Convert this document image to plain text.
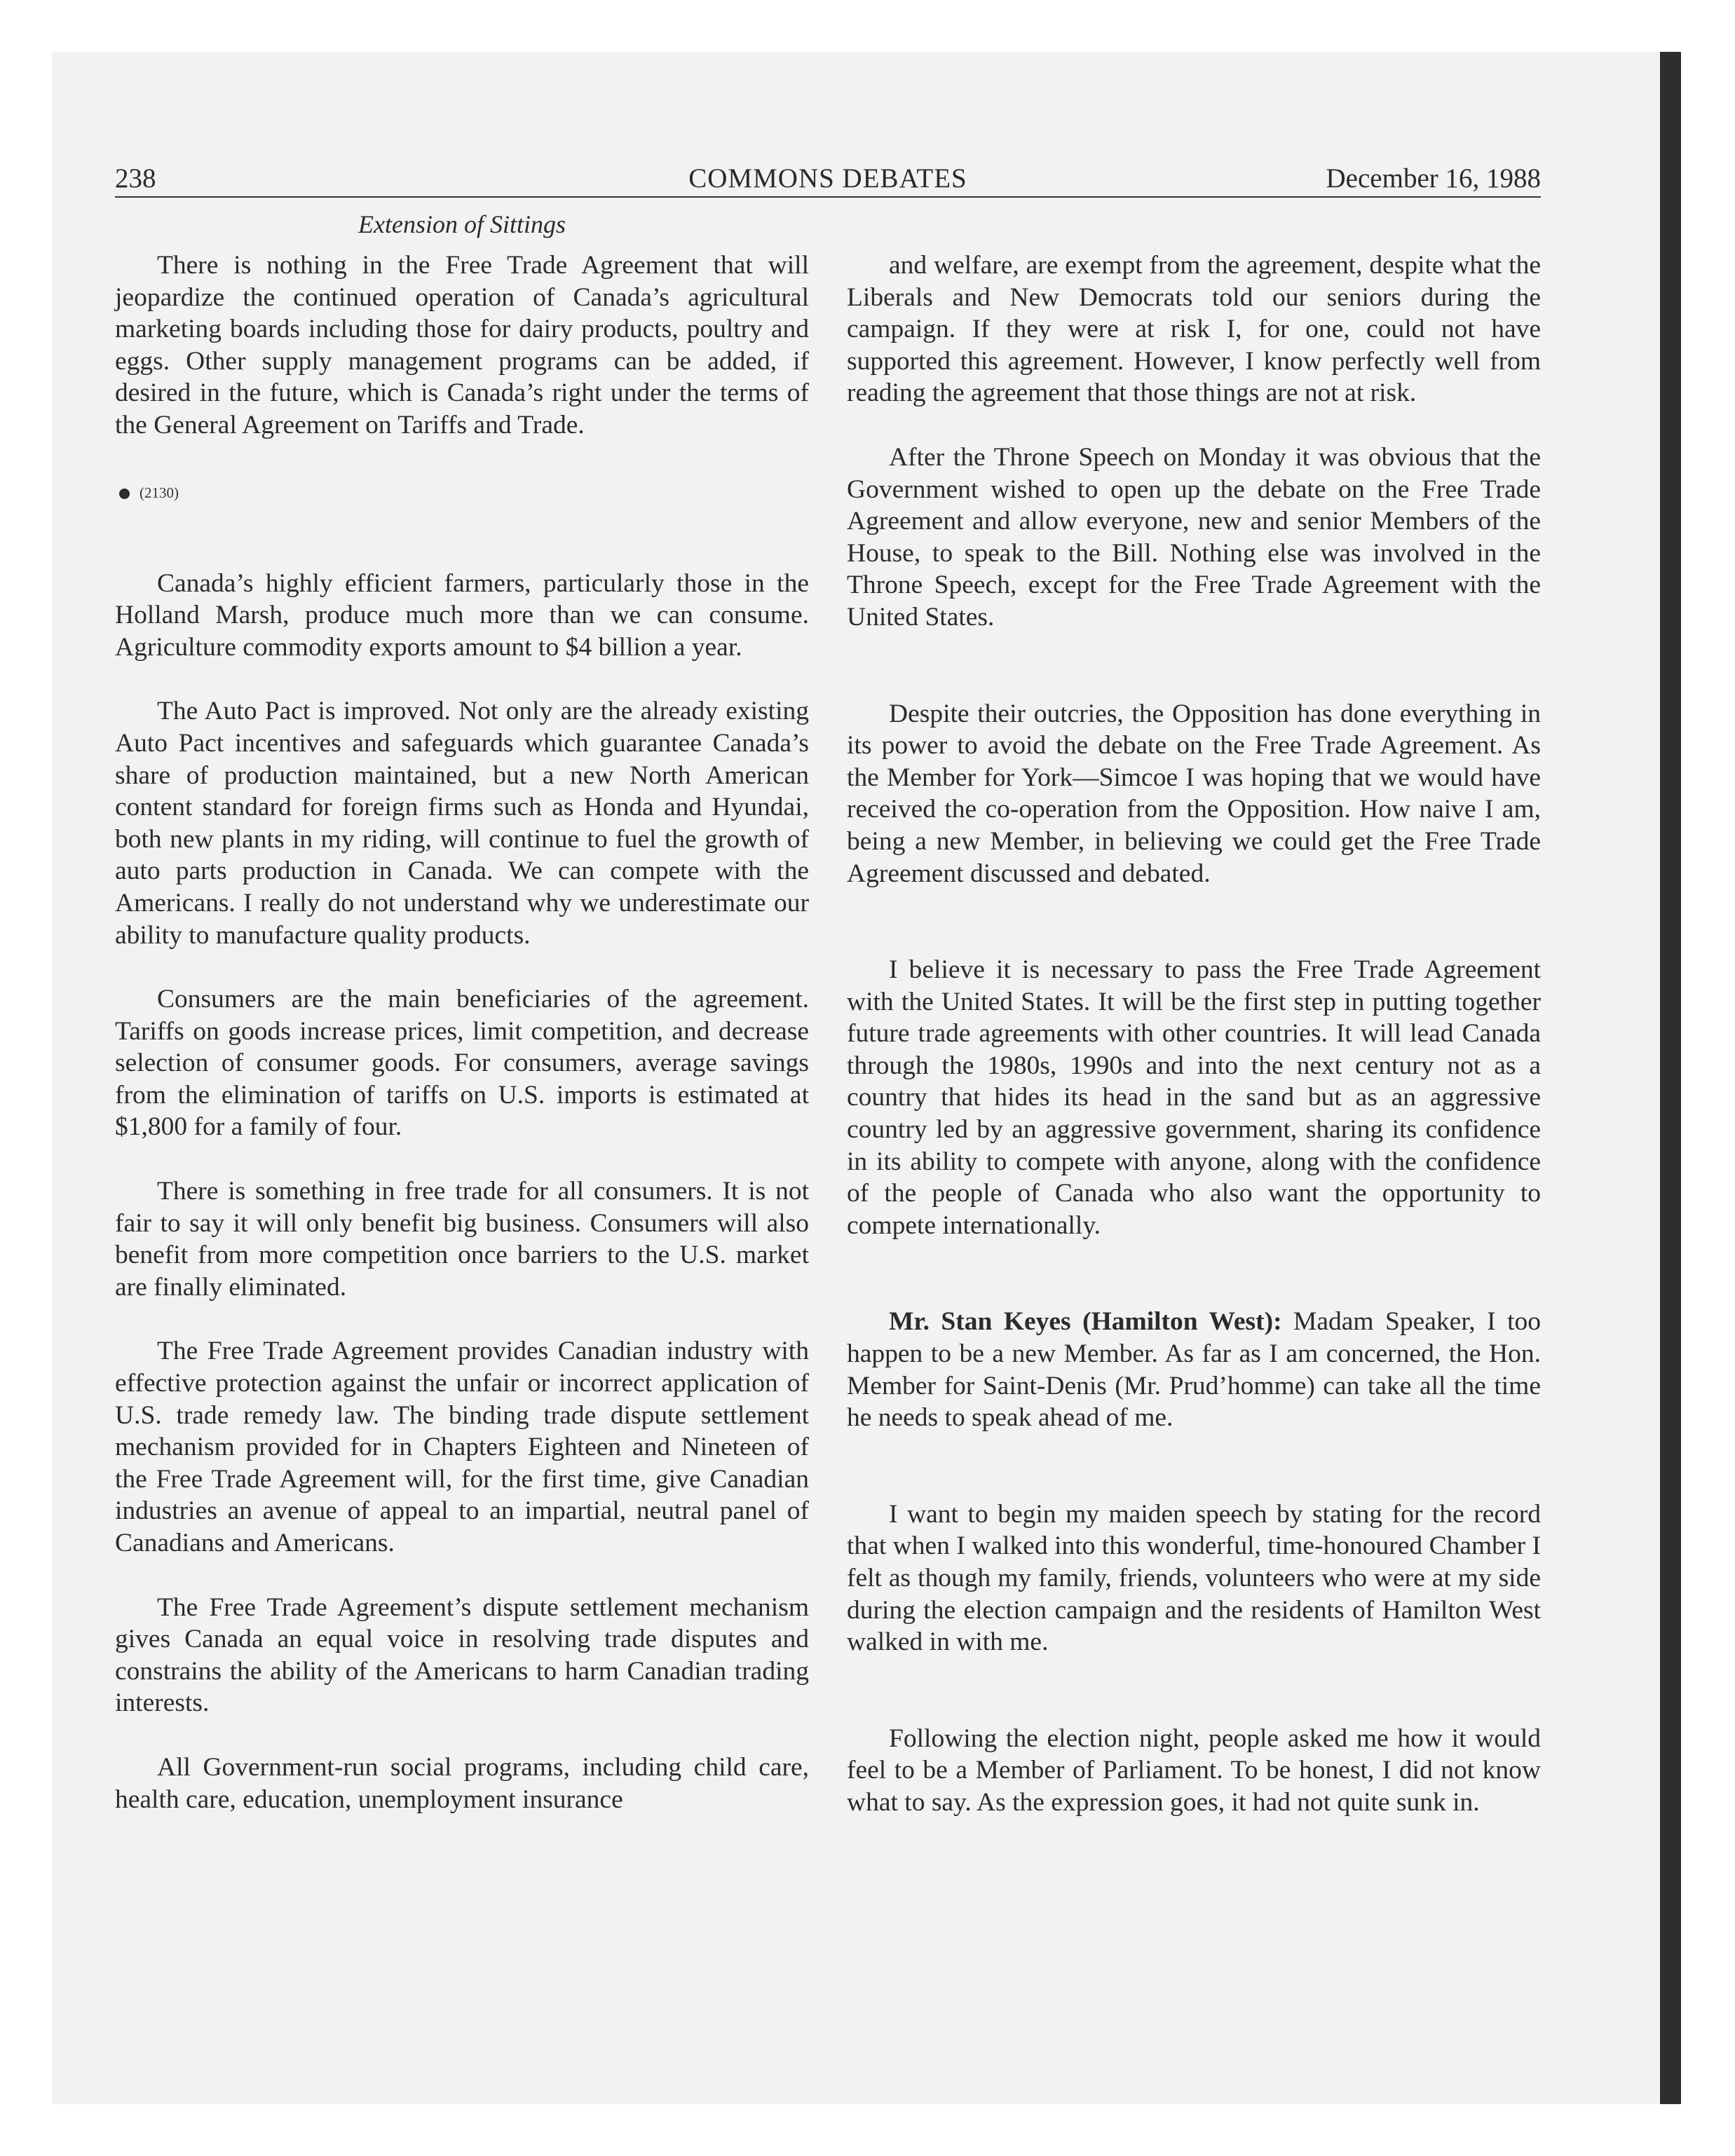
238	COMMONS DEBATES	December 16, 1988
Extension of Sittings

There is nothing in the Free Trade Agreement that will jeopardize the continued operation of Canada’s agricultural marketing boards including those for dairy products, poultry and eggs. Other supply management programs can be added, if desired in the future, which is Canada’s right under the terms of the General Agreement on Tariffs and Trade.

(2130)

Canada’s highly efficient farmers, particularly those in the Holland Marsh, produce much more than we can consume. Agriculture commodity exports amount to $4 billion a year.

The Auto Pact is improved. Not only are the already existing Auto Pact incentives and safeguards which guarantee Canada’s share of production maintained, but a new North American content standard for foreign firms such as Honda and Hyundai, both new plants in my riding, will continue to fuel the growth of auto parts production in Canada. We can compete with the Americans. I really do not understand why we underestimate our ability to manufacture quality products.

Consumers are the main beneficiaries of the agreement. Tariffs on goods increase prices, limit competition, and decrease selection of consumer goods. For consumers, average savings from the elimination of tariffs on U.S. imports is estimated at $1,800 for a family of four.

There is something in free trade for all consumers. It is not fair to say it will only benefit big business. Consumers will also benefit from more competition once barriers to the U.S. market are finally eliminated.

The Free Trade Agreement provides Canadian industry with effective protection against the unfair or incorrect application of U.S. trade remedy law. The binding trade dispute settlement mechanism provided for in Chapters Eighteen and Nineteen of the Free Trade Agreement will, for the first time, give Canadian industries an avenue of appeal to an impartial, neutral panel of Canadians and Americans.

The Free Trade Agreement’s dispute settlement mechanism gives Canada an equal voice in resolving trade disputes and constrains the ability of the Americans to harm Canadian trading interests.

All Government-run social programs, including child care, health care, education, unemployment insurance

and welfare, are exempt from the agreement, despite what the Liberals and New Democrats told our seniors during the campaign. If they were at risk I, for one, could not have supported this agreement. However, I know perfectly well from reading the agreement that those things are not at risk.

After the Throne Speech on Monday it was obvious that the Government wished to open up the debate on the Free Trade Agreement and allow everyone, new and senior Members of the House, to speak to the Bill. Nothing else was involved in the Throne Speech, except for the Free Trade Agreement with the United States.

Despite their outcries, the Opposition has done everything in its power to avoid the debate on the Free Trade Agreement. As the Member for York—Simcoe I was hoping that we would have received the co-operation from the Opposition. How naive I am, being a new Member, in believing we could get the Free Trade Agreement discussed and debated.

I believe it is necessary to pass the Free Trade Agreement with the United States. It will be the first step in putting together future trade agreements with other countries. It will lead Canada through the 1980s, 1990s and into the next century not as a country that hides its head in the sand but as an aggressive country led by an aggressive government, sharing its confidence in its ability to compete with anyone, along with the confidence of the people of Canada who also want the opportunity to compete internationally.

Mr. Stan Keyes (Hamilton West): Madam Speaker, I too happen to be a new Member. As far as I am concerned, the Hon. Member for Saint-Denis (Mr. Prud’homme) can take all the time he needs to speak ahead of me.

I want to begin my maiden speech by stating for the record that when I walked into this wonderful, time-honoured Chamber I felt as though my family, friends, volunteers who were at my side during the election campaign and the residents of Hamilton West walked in with me.

Following the election night, people asked me how it would feel to be a Member of Parliament. To be honest, I did not know what to say. As the expression goes, it had not quite sunk in.
